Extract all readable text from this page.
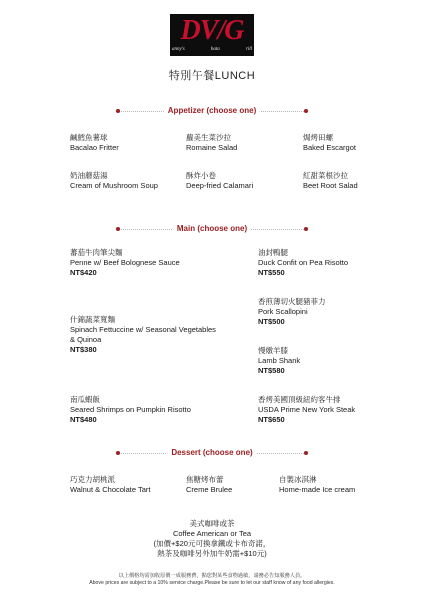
DV/G
anny's	bata	rill
特別午餐LUNCH
Appetizer (choose one)
鹹鱈魚薯球
Bacalao Fritter
蘿美生菜沙拉
Romaine Salad
焗烤田螺
Baked Escargot
奶油蘑菇湯
Cream of Mushroom Soup
酥炸小卷
Deep-fried Calamari
紅甜菜根沙拉
Beet Root Salad
Main (choose one)
蕃茄牛肉筆尖麵
Penne w/ Beef Bolognese Sauce
NT$420
什錦蔬菜寬麵
Spinach Fettuccine w/ Seasonal Vegetables
& Quinoa
NT$380
南瓜蝦飯
Seared Shrimps on Pumpkin Risotto
NT$480
油封鴨腿
Duck Confit on Pea Risotto
NT$550
香煎薄切火腿豬菲力
Pork Scallopini
NT$500
慢燉羊膝
Lamb Shank
NT$580
香烤美國頂級紐約客牛排
USDA Prime New York Steak
NT$650
Dessert (choose one)
巧克力胡桃派
Walnut & Chocolate Tart
焦糖烤布蕾
Creme Brulee
自製冰淇淋
Home-made Ice cream
美式咖啡或茶
Coffee American or Tea
(加價+$20元可換拿鐵或卡布奇諾，
熱茶及咖啡另外加牛奶需+$10元)
以上價格均需加收原價一成服務費，點您對某些食物過敏，請務必告知服務人員。
Above prices are subject to a 10% service charge.Please be sure to let our staff know of any food allergies.
